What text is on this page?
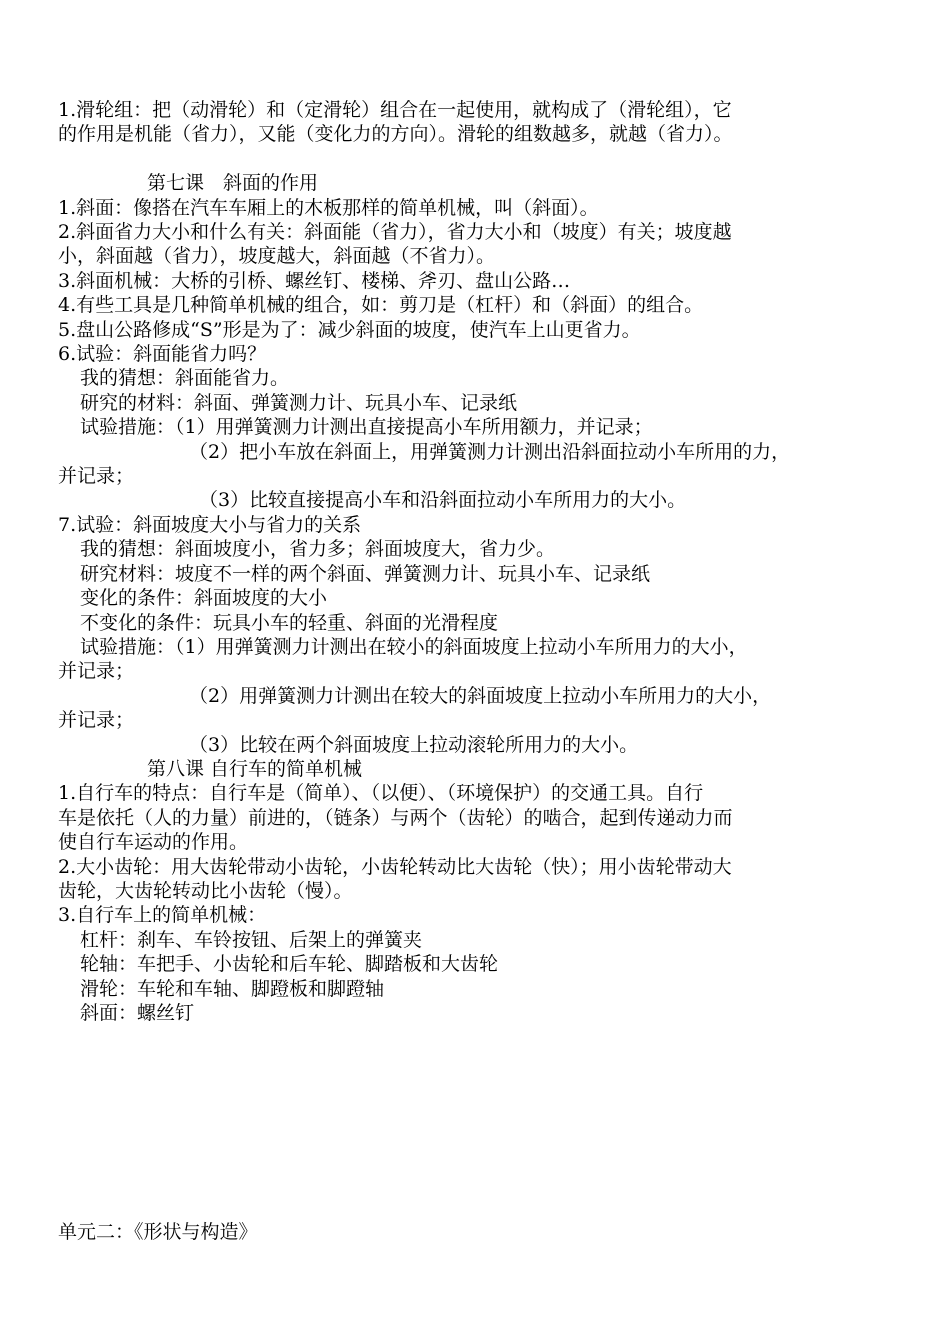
1.滑轮组：把（动滑轮）和（定滑轮）组合在一起使用，就构成了（滑轮组），它
的作用是机能（省力），又能（变化力的方向）。滑轮的组数越多，就越（省力）。
第七课　斜面的作用
1.斜面：像搭在汽车车厢上的木板那样的简单机械，叫（斜面）。
2.斜面省力大小和什么有关：斜面能（省力），省力大小和（坡度）有关；坡度越
小，斜面越（省力），坡度越大，斜面越（不省力）。
3.斜面机械：大桥的引桥、螺丝钉、楼梯、斧刃、盘山公路…
4.有些工具是几种简单机械的组合，如：剪刀是（杠杆）和（斜面）的组合。
5.盘山公路修成“S”形是为了：减少斜面的坡度，使汽车上山更省力。
6.试验：斜面能省力吗？
我的猜想：斜面能省力。
研究的材料：斜面、弹簧测力计、玩具小车、记录纸
试验措施：（1）用弹簧测力计测出直接提高小车所用额力，并记录；
（2）把小车放在斜面上，用弹簧测力计测出沿斜面拉动小车所用的力，
并记录；
（3）比较直接提高小车和沿斜面拉动小车所用力的大小。
7.试验：斜面坡度大小与省力的关系
我的猜想：斜面坡度小，省力多；斜面坡度大，省力少。
研究材料：坡度不一样的两个斜面、弹簧测力计、玩具小车、记录纸
变化的条件：斜面坡度的大小
不变化的条件：玩具小车的轻重、斜面的光滑程度
试验措施：（1）用弹簧测力计测出在较小的斜面坡度上拉动小车所用力的大小，
并记录；
（2）用弹簧测力计测出在较大的斜面坡度上拉动小车所用力的大小，
并记录；
（3）比较在两个斜面坡度上拉动滚轮所用力的大小。
第八课 自行车的简单机械
1.自行车的特点：自行车是（简单）、（以便）、（环境保护）的交通工具。自行
车是依托（人的力量）前进的，（链条）与两个（齿轮）的啮合，起到传递动力而
使自行车运动的作用。
2.大小齿轮：用大齿轮带动小齿轮，小齿轮转动比大齿轮（快）；用小齿轮带动大
齿轮，大齿轮转动比小齿轮（慢）。
3.自行车上的简单机械：
杠杆：刹车、车铃按钮、后架上的弹簧夹
轮轴：车把手、小齿轮和后车轮、脚踏板和大齿轮
滑轮：车轮和车轴、脚蹬板和脚蹬轴
斜面：螺丝钉
单元二：《形状与构造》
